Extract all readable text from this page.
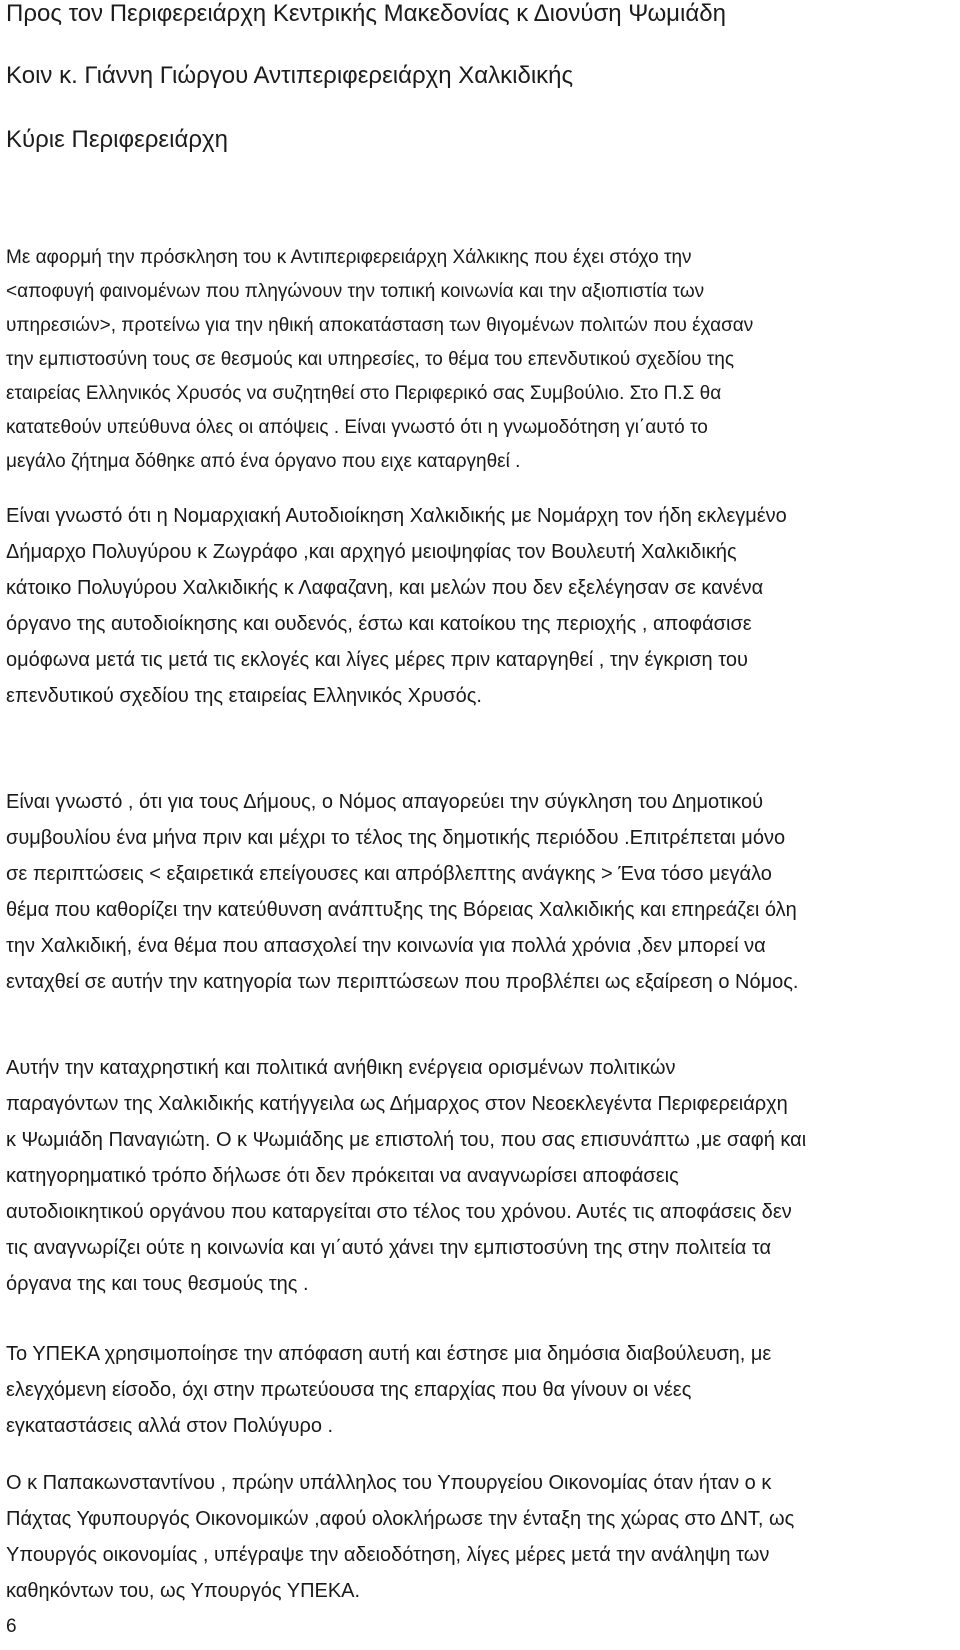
Προς τον Περιφερειάρχη Κεντρικής Μακεδονίας κ Διονύση Ψωμιάδη
Κοιν κ. Γιάννη Γιώργου Αντιπεριφερειάρχη Χαλκιδικής
Κύριε Περιφερειάρχη
Με αφορμή την πρόσκληση του κ Αντιπεριφερειάρχη Χάλκικης που έχει στόχο την
<αποφυγή φαινομένων που πληγώνουν την τοπική κοινωνία και την αξιοπιστία των
υπηρεσιών>, προτείνω για την ηθική αποκατάσταση των θιγομένων πολιτών που έχασαν
την εμπιστοσύνη τους σε θεσμούς και υπηρεσίες, το θέμα του επενδυτικού σχεδίου της
εταιρείας Ελληνικός Χρυσός να συζητηθεί στο Περιφερικό σας Συμβούλιο. Στο Π.Σ θα
κατατεθούν υπεύθυνα όλες οι απόψεις . Είναι γνωστό ότι η γνωμοδότηση γι΄αυτό το
μεγάλο ζήτημα δόθηκε από ένα όργανο που ειχε καταργηθεί .
Είναι γνωστό ότι η Νομαρχιακή Αυτοδιοίκηση Χαλκιδικής με Νομάρχη τον ήδη εκλεγμένο
Δήμαρχο Πολυγύρου κ Ζωγράφο ,και αρχηγό μειοψηφίας τον Βουλευτή Χαλκιδικής
κάτοικο Πολυγύρου Χαλκιδικής κ Λαφαζανη, και μελών που δεν εξελέγησαν σε κανένα
όργανο της αυτοδιοίκησης και ουδενός, έστω και κατοίκου της περιοχής , αποφάσισε
ομόφωνα μετά τις μετά τις εκλογές και λίγες μέρες πριν καταργηθεί , την έγκριση του
επενδυτικού σχεδίου της εταιρείας Ελληνικός Χρυσός.
Είναι γνωστό , ότι για τους Δήμους, ο Νόμος απαγορεύει την σύγκληση του Δημοτικού
συμβουλίου ένα μήνα πριν και μέχρι το τέλος της δημοτικής περιόδου .Επιτρέπεται μόνο
σε περιπτώσεις < εξαιρετικά επείγουσες και απρόβλεπτης ανάγκης > Ένα τόσο μεγάλο
θέμα που καθορίζει την κατεύθυνση ανάπτυξης της Βόρειας Χαλκιδικής και επηρεάζει όλη
την Χαλκιδική, ένα θέμα που απασχολεί την κοινωνία για πολλά χρόνια ,δεν μπορεί να
ενταχθεί σε αυτήν την κατηγορία των περιπτώσεων που προβλέπει ως εξαίρεση ο Νόμος.
Αυτήν την καταχρηστική και πολιτικά ανήθικη ενέργεια ορισμένων πολιτικών
παραγόντων της Χαλκιδικής κατήγγειλα ως Δήμαρχος στον Νεοεκλεγέντα Περιφερειάρχη
κ Ψωμιάδη Παναγιώτη. Ο κ Ψωμιάδης με επιστολή του, που σας επισυνάπτω ,με σαφή και
κατηγορηματικό τρόπο δήλωσε ότι δεν πρόκειται να αναγνωρίσει αποφάσεις
αυτοδιοικητικού οργάνου που καταργείται στο τέλος του χρόνου. Αυτές τις αποφάσεις δεν
τις αναγνωρίζει ούτε η κοινωνία και γι΄αυτό χάνει την εμπιστοσύνη της στην πολιτεία τα
όργανα της και τους θεσμούς της .
Το ΥΠΕΚΑ χρησιμοποίησε την απόφαση αυτή και έστησε μια δημόσια διαβούλευση, με
ελεγχόμενη είσοδο, όχι στην πρωτεύουσα της επαρχίας που θα γίνουν οι νέες
εγκαταστάσεις αλλά στον Πολύγυρο .
Ο κ Παπακωνσταντίνου , πρώην υπάλληλος του Υπουργείου Οικονομίας όταν ήταν ο κ
Πάχτας Υφυπουργός Οικονομικών ,αφού ολοκλήρωσε την ένταξη της χώρας στο ΔΝΤ, ως
Υπουργός οικονομίας , υπέγραψε την αδειοδότηση, λίγες μέρες μετά την ανάληψη των
καθηκόντων του, ως Υπουργός ΥΠΕΚΑ.
6
